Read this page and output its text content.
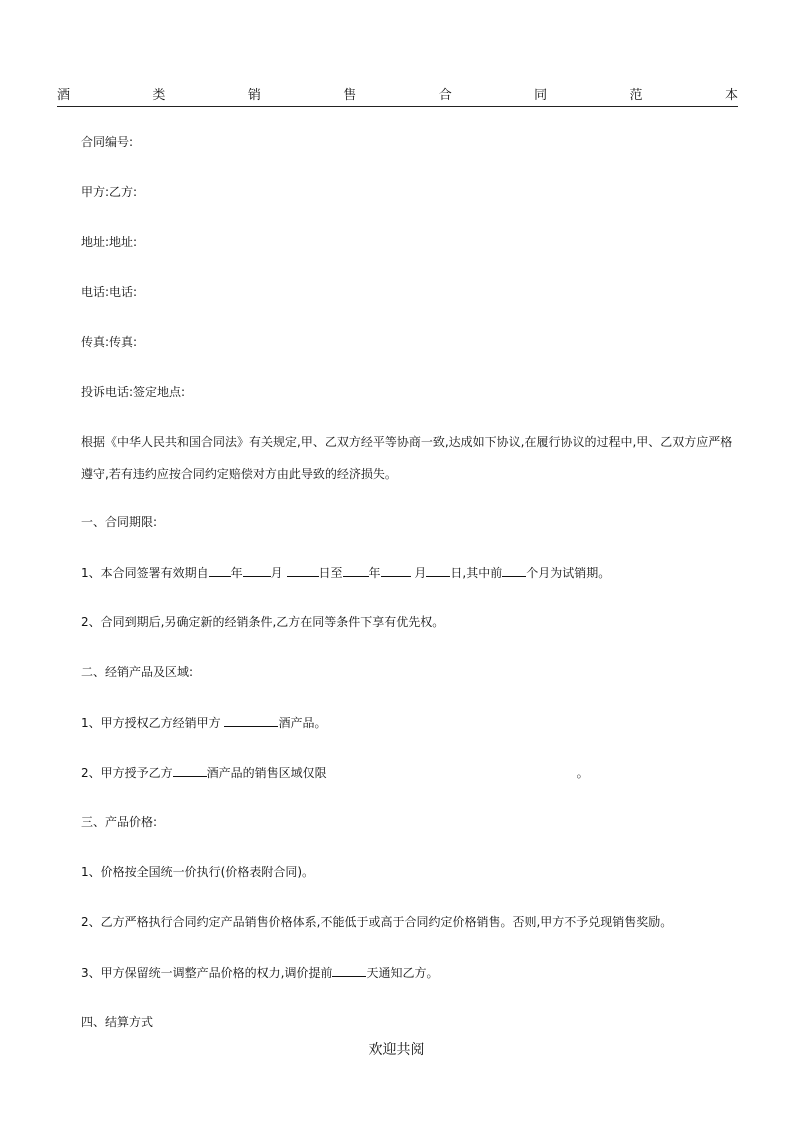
酒	类	销	售	合	同	范	本
合同编号:
甲方:乙方:
地址:地址:
电话:电话:
传真:传真:
投诉电话:签定地点:
根据《中华人民共和国合同法》有关规定,甲、乙双方经平等协商一致,达成如下协议,在履行协议的过程中,甲、乙双方应严格遵守,若有违约应按合同约定赔偿对方由此导致的经济损失。
一、合同期限:
1、本合同签署有效期自 年 月	日至 年	月 日,其中前 个月为试销期。
2、合同到期后,另确定新的经销条件,乙方在同等条件下享有优先权。
二、经销产品及区域:
1、甲方授权乙方经销甲方	酒产品。
2、甲方授予乙方	酒产品的销售区域仅限	。
三、产品价格:
1、价格按全国统一价执行(价格表附合同)。
2、乙方严格执行合同约定产品销售价格体系,不能低于或高于合同约定价格销售。否则,甲方不予兑现销售奖励。
3、甲方保留统一调整产品价格的权力,调价提前	天通知乙方。
四、结算方式
欢迎共阅
